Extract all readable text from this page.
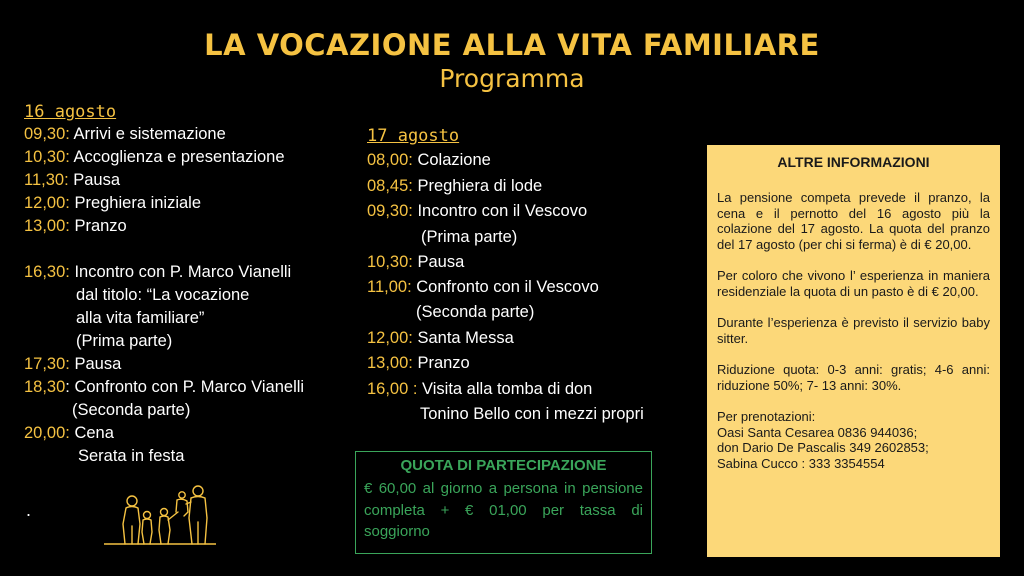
LA VOCAZIONE ALLA VITA FAMILIARE
Programma
16 agosto
09,30: Arrivi e sistemazione
10,30: Accoglienza e presentazione
11,30: Pausa
12,00: Preghiera iniziale
13,00: Pranzo
16,30: Incontro con P. Marco Vianelli
dal titolo: “La vocazione
alla vita familiare”
(Prima parte)
17,30: Pausa
18,30: Confronto con P. Marco Vianelli
(Seconda parte)
20,00: Cena
Serata in festa
.
17 agosto
08,00: Colazione
08,45: Preghiera di lode
09,30: Incontro con il Vescovo
(Prima parte)
10,30: Pausa
11,00: Confronto con il Vescovo
(Seconda parte)
12,00: Santa Messa
13,00: Pranzo
16,00 : Visita alla tomba di don
Tonino Bello con i mezzi propri
QUOTA DI PARTECIPAZIONE
€ 60,00 al giorno a persona in pensione completa + € 01,00 per tassa di soggiorno
ALTRE INFORMAZIONI

La pensione competa prevede il pranzo, la cena e il pernotto del 16 agosto più la colazione del 17 agosto. La quota del pranzo del 17 agosto (per chi si ferma) è di € 20,00.

Per coloro che vivono l’ esperienza in maniera residenziale la quota di un pasto è di € 20,00.

Durante l’esperienza è previsto il servizio baby sitter.

Riduzione quota: 0-3 anni: gratis; 4-6 anni: riduzione 50%; 7- 13 anni: 30%.

Per prenotazioni:
Oasi Santa Cesarea 0836 944036;
don Dario De Pascalis 349 2602853;
Sabina Cucco : 333 3354554
